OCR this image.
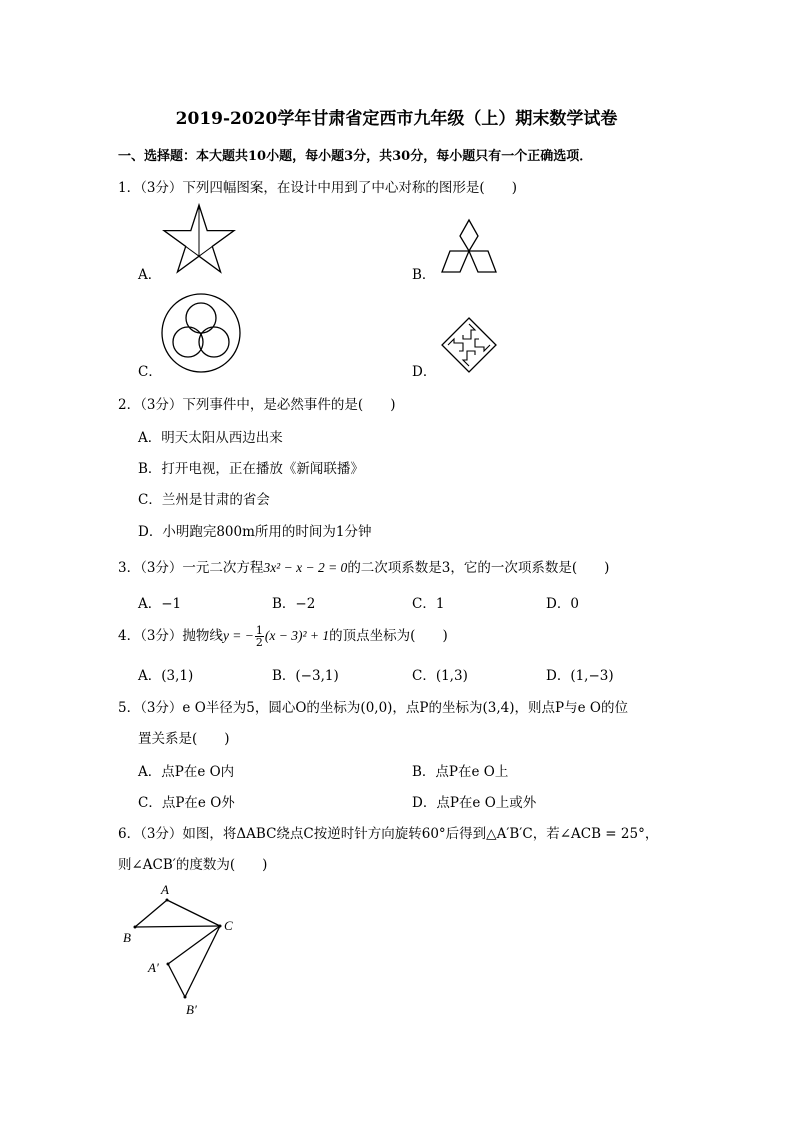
2019-2020学年甘肃省定西市九年级（上）期末数学试卷
一、选择题：本大题共10小题，每小题3分，共30分，每小题只有一个正确选项．
1．（3分）下列四幅图案，在设计中用到了中心对称的图形是(　　)
A．	B．
C．	D．
2．（3分）下列事件中，是必然事件的是(　　)
A．明天太阳从西边出来
B．打开电视，正在播放《新闻联播》
C．兰州是甘肃的省会
D．小明跑完800m所用的时间为1分钟
3．（3分）一元二次方程3x² − x − 2 = 0的二次项系数是3，它的一次项系数是(　　)
A．−1	B．−2	C．1	D．0
4．（3分）抛物线y = − $\frac{1}{2} (x - 3)^2 + 1$的顶点坐标为(　　)
A．(3,1)	B．(−3,1)	C．(1,3)	D．(1,−3)
5．（3分）e O半径为5，圆心O的坐标为(0,0)，点P的坐标为(3,4)，则点P与e O的位
置关系是(　　)
A．点P在e O内	B．点P在e O上
C．点P在e O外	D．点P在e O上或外
6．（3分）如图，将ΔABC绕点C按逆时针方向旋转60°后得到△A′B′C，若∠ACB = 25°，
则∠ACB′的度数为(　　)
A
B
C
A′
B′
